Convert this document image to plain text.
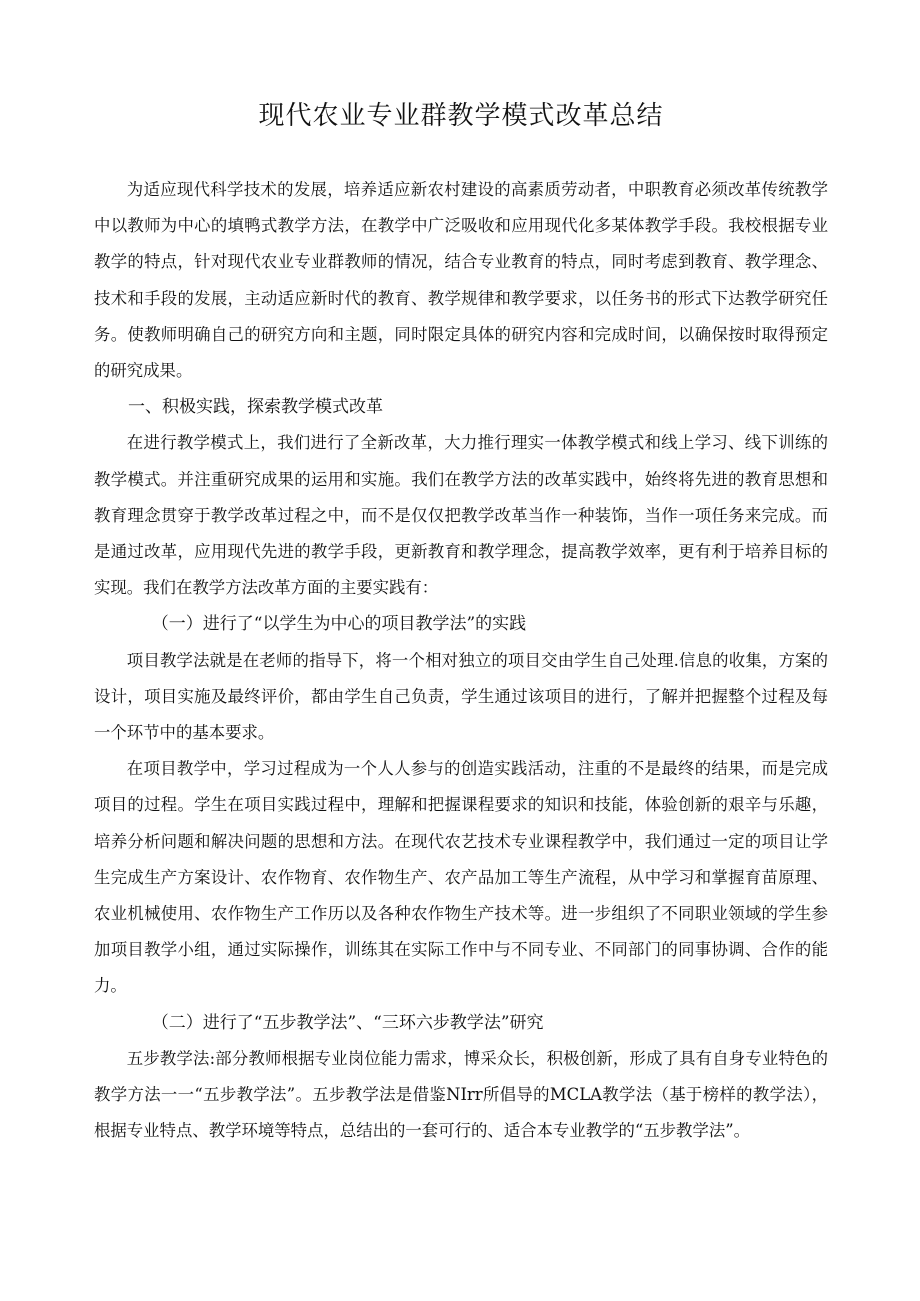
现代农业专业群教学模式改革总结

为适应现代科学技术的发展，培养适应新农村建设的高素质劳动者，中职教育必须改革传统教学中以教师为中心的填鸭式教学方法，在教学中广泛吸收和应用现代化多某体教学手段。我校根据专业教学的特点，针对现代农业专业群教师的情况，结合专业教育的特点，同时考虑到教育、教学理念、技术和手段的发展，主动适应新时代的教育、教学规律和教学要求，以任务书的形式下达教学研究任务。使教师明确自己的研究方向和主题，同时限定具体的研究内容和完成时间，以确保按时取得预定的研究成果。

一、积极实践，探索教学模式改革

在进行教学模式上，我们进行了全新改革，大力推行理实一体教学模式和线上学习、线下训练的教学模式。并注重研究成果的运用和实施。我们在教学方法的改革实践中，始终将先进的教育思想和教育理念贯穿于教学改革过程之中，而不是仅仅把教学改革当作一种装饰，当作一项任务来完成。而是通过改革，应用现代先进的教学手段，更新教育和教学理念，提高教学效率，更有利于培养目标的实现。我们在教学方法改革方面的主要实践有：

（一）进行了“以学生为中心的项目教学法”的实践

项目教学法就是在老师的指导下，将一个相对独立的项目交由学生自己处理.信息的收集，方案的设计，项目实施及最终评价，都由学生自己负责，学生通过该项目的进行，了解并把握整个过程及每一个环节中的基本要求。

在项目教学中，学习过程成为一个人人参与的创造实践活动，注重的不是最终的结果，而是完成项目的过程。学生在项目实践过程中，理解和把握课程要求的知识和技能，体验创新的艰辛与乐趣，培养分析问题和解决问题的思想和方法。在现代农艺技术专业课程教学中，我们通过一定的项目让学生完成生产方案设计、农作物育、农作物生产、农产品加工等生产流程，从中学习和掌握育苗原理、农业机械使用、农作物生产工作历以及各种农作物生产技术等。进一步组织了不同职业领域的学生参加项目教学小组，通过实际操作，训练其在实际工作中与不同专业、不同部门的同事协调、合作的能力。

（二）进行了“五步教学法”、“三环六步教学法”研究

五步教学法:部分教师根据专业岗位能力需求，博采众长，积极创新，形成了具有自身专业特色的教学方法一一“五步教学法”。五步教学法是借鉴NIrr所倡导的MCLA教学法（基于榜样的教学法），根据专业特点、教学环境等特点，总结出的一套可行的、适合本专业教学的“五步教学法”。
